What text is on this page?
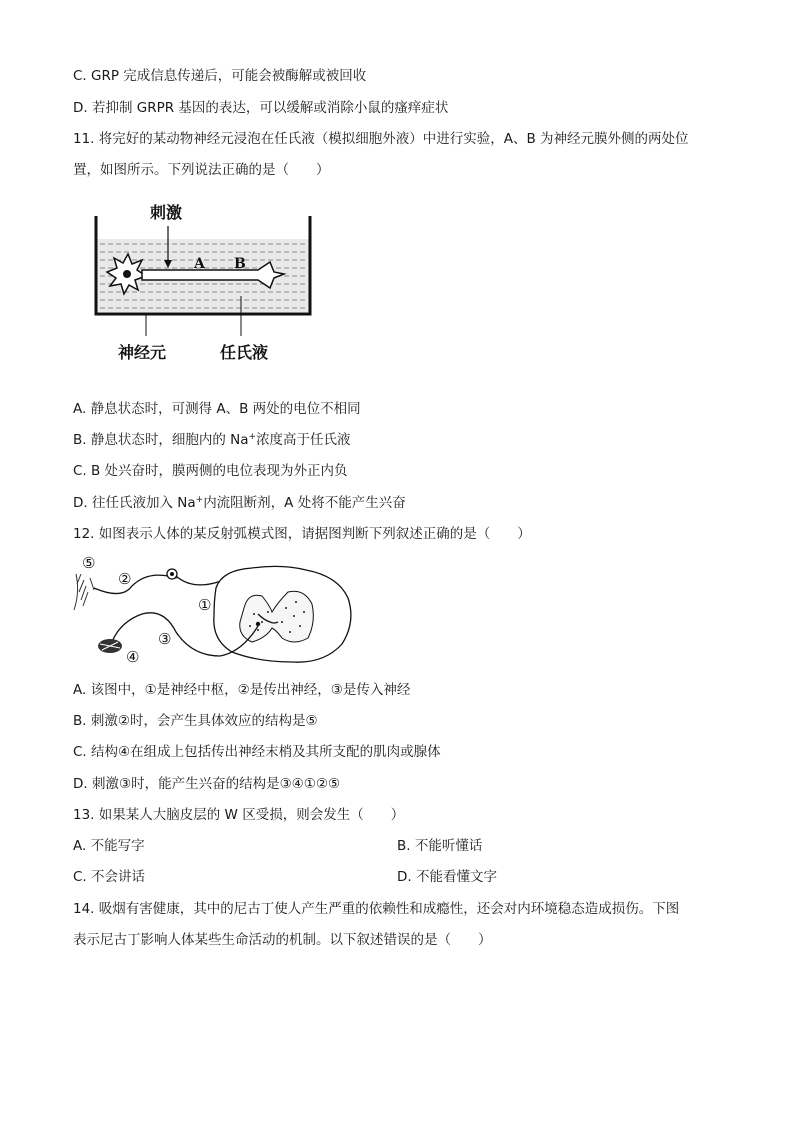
C. GRP 完成信息传递后，可能会被酶解或被回收
D. 若抑制 GRPR 基因的表达，可以缓解或消除小鼠的瘙痒症状
11. 将完好的某动物神经元浸泡在任氏液（模拟细胞外液）中进行实验，A、B 为神经元膜外侧的两处位
置，如图所示。下列说法正确的是（　　）
刺激
A B
神经元	任氏液
A. 静息状态时，可测得 A、B 两处的电位不相同
B. 静息状态时，细胞内的 Na+浓度高于任氏液
C. B 处兴奋时，膜两侧的电位表现为外正内负
D. 往任氏液加入 Na+内流阻断剂，A 处将不能产生兴奋
12. 如图表示人体的某反射弧模式图，请据图判断下列叙述正确的是（　　）
⑤
②
①
③
④
A. 该图中，①是神经中枢，②是传出神经，③是传入神经
B. 刺激②时，会产生具体效应的结构是⑤
C. 结构④在组成上包括传出神经末梢及其所支配的肌肉或腺体
D. 刺激③时，能产生兴奋的结构是③④①②⑤
13. 如果某人大脑皮层的 W 区受损，则会发生（　　）
A. 不能写字	B. 不能听懂话
C. 不会讲话	D. 不能看懂文字
14. 吸烟有害健康，其中的尼古丁使人产生严重的依赖性和成瘾性，还会对内环境稳态造成损伤。下图
表示尼古丁影响人体某些生命活动的机制。以下叙述错误的是（　　）
